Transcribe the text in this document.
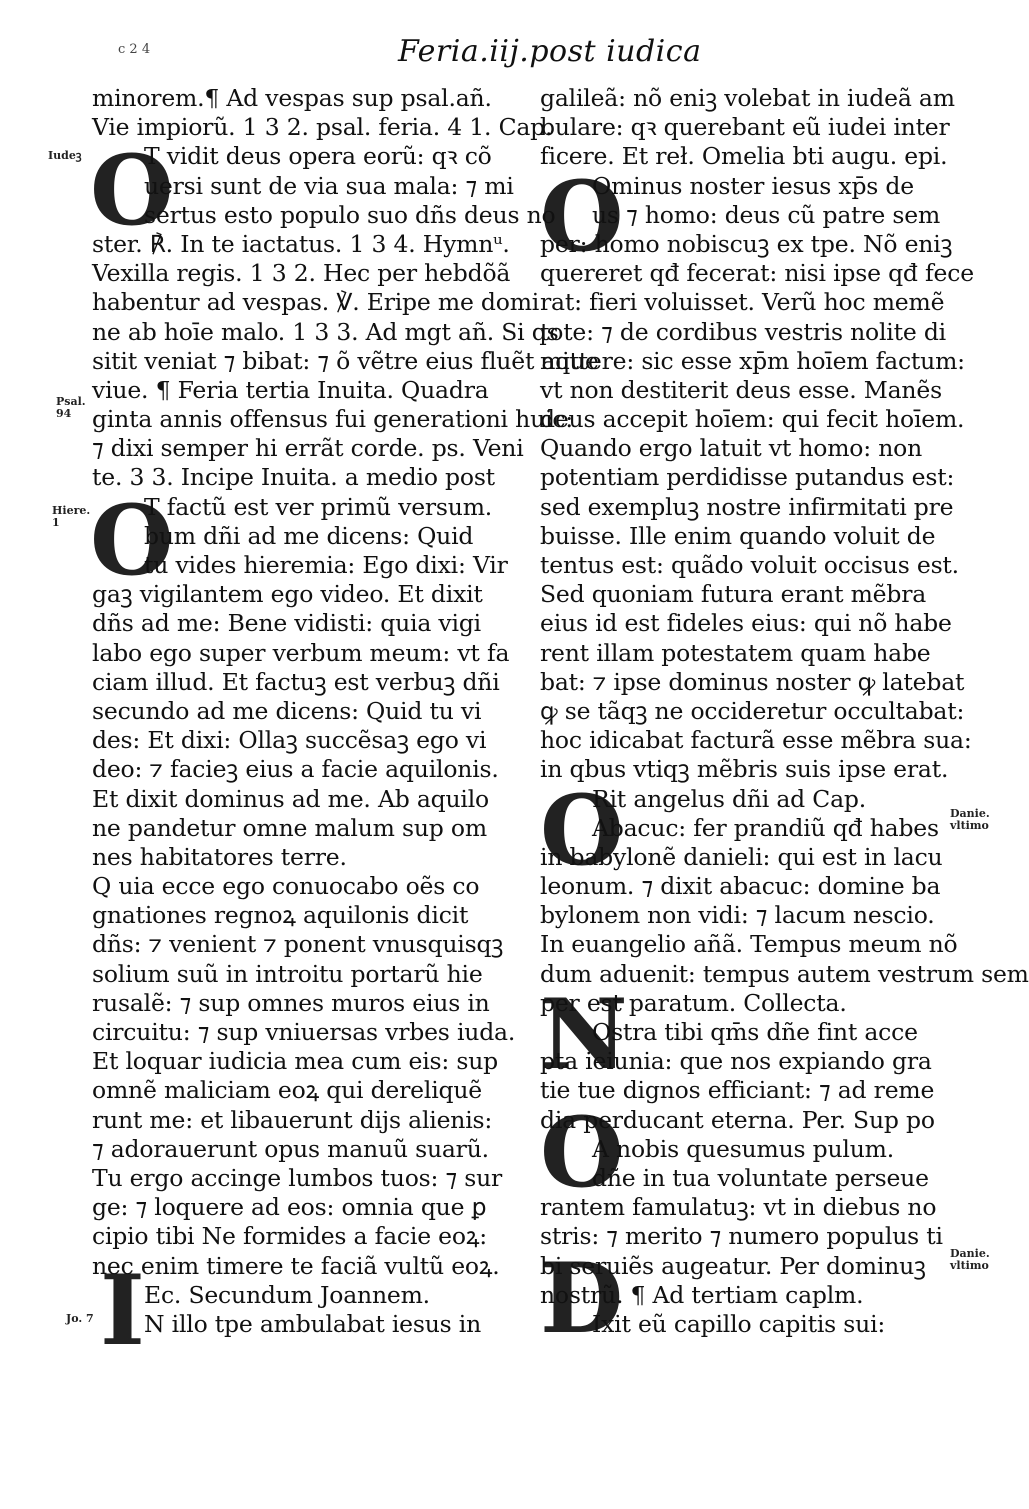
c 2 4	Feria.iij.post iudica
Iudeꝫ
Psal. 94
Hiere. 1
Jo. 7
Danie. vltimo
Danie. vltimo
O
O
I
O
O
N
O
D
minorem.¶ Ad vespas sup psal.añ.
Vie impiorũ. 1 3 2. psal. feria. 4 1. Cap.
T vidit deus opera eorũ: qꝛ cõ
uersi sunt de via sua mala: ⁊ mi
sertus esto populo suo dñs deus no
ster. ℟. In te iactatus. 1 3 4. Hymnᵘ.
Vexilla regis. 1 3 2. Hec per hebdõã
habentur ad vespas. ℣. Eripe me domi
ne ab hoīe malo. 1 3 3. Ad mgt añ. Si qs
sitit veniat ⁊ bibat: ⁊ õ vẽtre eius fluẽt aque
viue. ¶ Feria tertia Inuita. Quadra
ginta annis offensus fui generationi huic:
⁊ dixi semper hi errãt corde. ps. Veni
te. 3 3. Incipe Inuita. a medio post
T factũ est ver primũ versum.
bum dñi ad me dicens: Quid
tu vides hieremia: Ego dixi: Vir
gaꝫ vigilantem ego video. Et dixit
dñs ad me: Bene vidisti: quia vigi
labo ego super verbum meum: vt fa
ciam illud. Et factuꝫ est verbuꝫ dñi
secundo ad me dicens: Quid tu vi
des: Et dixi: Ollaꝫ succẽsaꝫ ego vi
deo: ⁊ facieꝫ eius a facie aquilonis.
Et dixit dominus ad me. Ab aquilo
ne pandetur omne malum sup om
nes habitatores terre.
Q uia ecce ego conuocabo oẽs co
gnationes regnoꝝ aquilonis dicit
dñs: ⁊ venient ⁊ ponent vnusquisqꝫ
solium suũ in introitu portarũ hie
rusalẽ: ⁊ sup omnes muros eius in
circuitu: ⁊ sup vniuersas vrbes iuda.
Et loquar iudicia mea cum eis: sup
omnẽ maliciam eoꝝ qui dereliquẽ
runt me: et libauerunt dijs alienis:
⁊ adorauerunt opus manuũ suarũ.
Tu ergo accinge lumbos tuos: ⁊ sur
ge: ⁊ loquere ad eos: omnia que ꝑ
cipio tibi Ne formides a facie eoꝝ:
nec enim timere te faciã vultũ eoꝝ.
Ec. Secundum Joannem.
N illo tpe ambulabat iesus in
galileã: nõ eniꝫ volebat in iudeã am
bulare: qꝛ querebant eũ iudei inter
ficere. Et reł. Omelia bti augu. epi.
Ominus noster iesus xp̄s de
us ⁊ homo: deus cũ patre sem
per: homo nobiscuꝫ ex tpe. Nõ eniꝫ
quereret qđ fecerat: nisi ipse qđ fece
rat: fieri voluisset. Verũ hoc memẽ
tote: ⁊ de cordibus vestris nolite di
mittere: sic esse xp̄m hoīem factum:
vt non destiterit deus esse. Manẽs
deus accepit hoīem: qui fecit hoīem.
Quando ergo latuit vt homo: non
potentiam perdidisse putandus est:
sed exempluꝫ nostre infirmitati pre
buisse. Ille enim quando voluit de
tentus est: quãdo voluit occisus est.
Sed quoniam futura erant mẽbra
eius id est fideles eius: qui nõ habe
rent illam potestatem quam habe
bat: ⁊ ipse dominus noster ꝙ latebat
ꝙ se tãqꝫ ne occideretur occultabat:
hoc idicabat facturã esse mẽbra sua:
in qbus vtiqꝫ mẽbris suis ipse erat.
Rit angelus dñi ad Cap.
Abacuc: fer prandiũ qđ habes
in babylonẽ danieli: qui est in lacu
leonum. ⁊ dixit abacuc: domine ba
bylonem non vidi: ⁊ lacum nescio.
In euangelio añã. Tempus meum nõ
dum aduenit: tempus autem vestrum sem
per est paratum. Collecta.
Ostra tibi qm̄s dñe fint acce
pta ieiunia: que nos expiando gra
tie tue dignos efficiant: ⁊ ad reme
dia perducant eterna. Per. Sup po
A nobis quesumus pulum.
dñe in tua voluntate perseue
rantem famulatuꝫ: vt in diebus no
stris: ⁊ merito ⁊ numero populus ti
bi seruiẽs augeatur. Per dominuꝫ
nostrũ. ¶ Ad tertiam caplm.
Ixit eũ capillo capitis sui:
